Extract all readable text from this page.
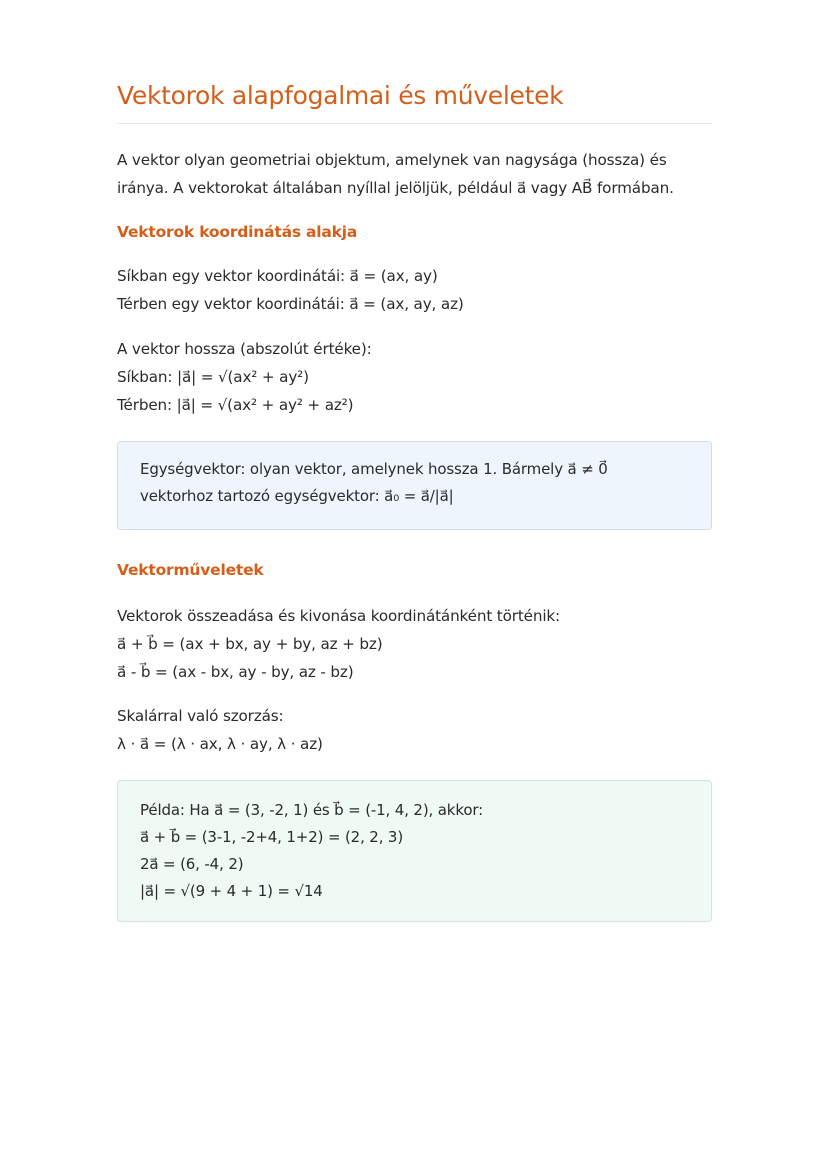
Vektorok alapfogalmai és műveletek

A vektor olyan geometriai objektum, amelynek van nagysága (hossza) és
iránya. A vektorokat általában nyíllal jelöljük, például a⃗ vagy AB⃗ formában.

Vektorok koordinátás alakja

Síkban egy vektor koordinátái: a⃗ = (ax, ay)
Térben egy vektor koordinátái: a⃗ = (ax, ay, az)

A vektor hossza (abszolút értéke):
Síkban: |a⃗| = √(ax² + ay²)
Térben: |a⃗| = √(ax² + ay² + az²)

Egységvektor: olyan vektor, amelynek hossza 1. Bármely a⃗ ≠ 0⃗
vektorhoz tartozó egységvektor: a⃗₀ = a⃗/|a⃗|

Vektorműveletek

Vektorok összeadása és kivonása koordinátánként történik:
a⃗ + b⃗ = (ax + bx, ay + by, az + bz)
a⃗ - b⃗ = (ax - bx, ay - by, az - bz)

Skalárral való szorzás:
λ · a⃗ = (λ · ax, λ · ay, λ · az)

Példa: Ha a⃗ = (3, -2, 1) és b⃗ = (-1, 4, 2), akkor:
a⃗ + b⃗ = (3-1, -2+4, 1+2) = (2, 2, 3)
2a⃗ = (6, -4, 2)
|a⃗| = √(9 + 4 + 1) = √14
